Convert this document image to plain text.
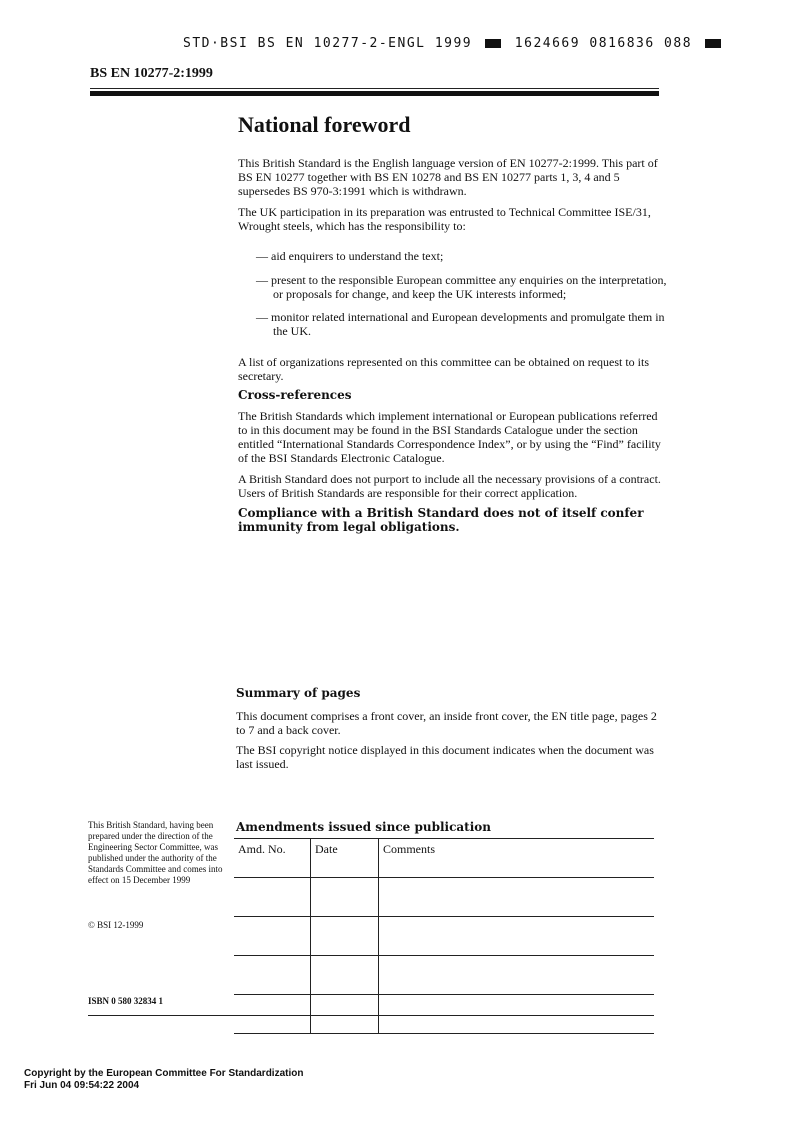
STD·BSI BS EN 10277-2-ENGL 1999	1624669 0816836 088
BS EN 10277-2:1999
National foreword
This British Standard is the English language version of EN 10277-2:1999. This part of BS EN 10277 together with BS EN 10278 and BS EN 10277 parts 1, 3, 4 and 5 supersedes BS 970-3:1991 which is withdrawn.
The UK participation in its preparation was entrusted to Technical Committee ISE/31, Wrought steels, which has the responsibility to:
— aid enquirers to understand the text;
— present to the responsible European committee any enquiries on the interpretation, or proposals for change, and keep the UK interests informed;
— monitor related international and European developments and promulgate them in the UK.
A list of organizations represented on this committee can be obtained on request to its secretary.
Cross-references
The British Standards which implement international or European publications referred to in this document may be found in the BSI Standards Catalogue under the section entitled “International Standards Correspondence Index”, or by using the “Find” facility of the BSI Standards Electronic Catalogue.
A British Standard does not purport to include all the necessary provisions of a contract. Users of British Standards are responsible for their correct application.
Compliance with a British Standard does not of itself confer immunity from legal obligations.
Summary of pages
This document comprises a front cover, an inside front cover, the EN title page, pages 2 to 7 and a back cover.
The BSI copyright notice displayed in this document indicates when the document was last issued.
This British Standard, having been prepared under the direction of the Engineering Sector Committee, was published under the authority of the Standards Committee and comes into effect on 15 December 1999
© BSI 12-1999
ISBN 0 580 32834 1
Amendments issued since publication
Amd. No.	Date	Comments

Copyright by the European Committee For Standardization
Fri Jun 04 09:54:22 2004
